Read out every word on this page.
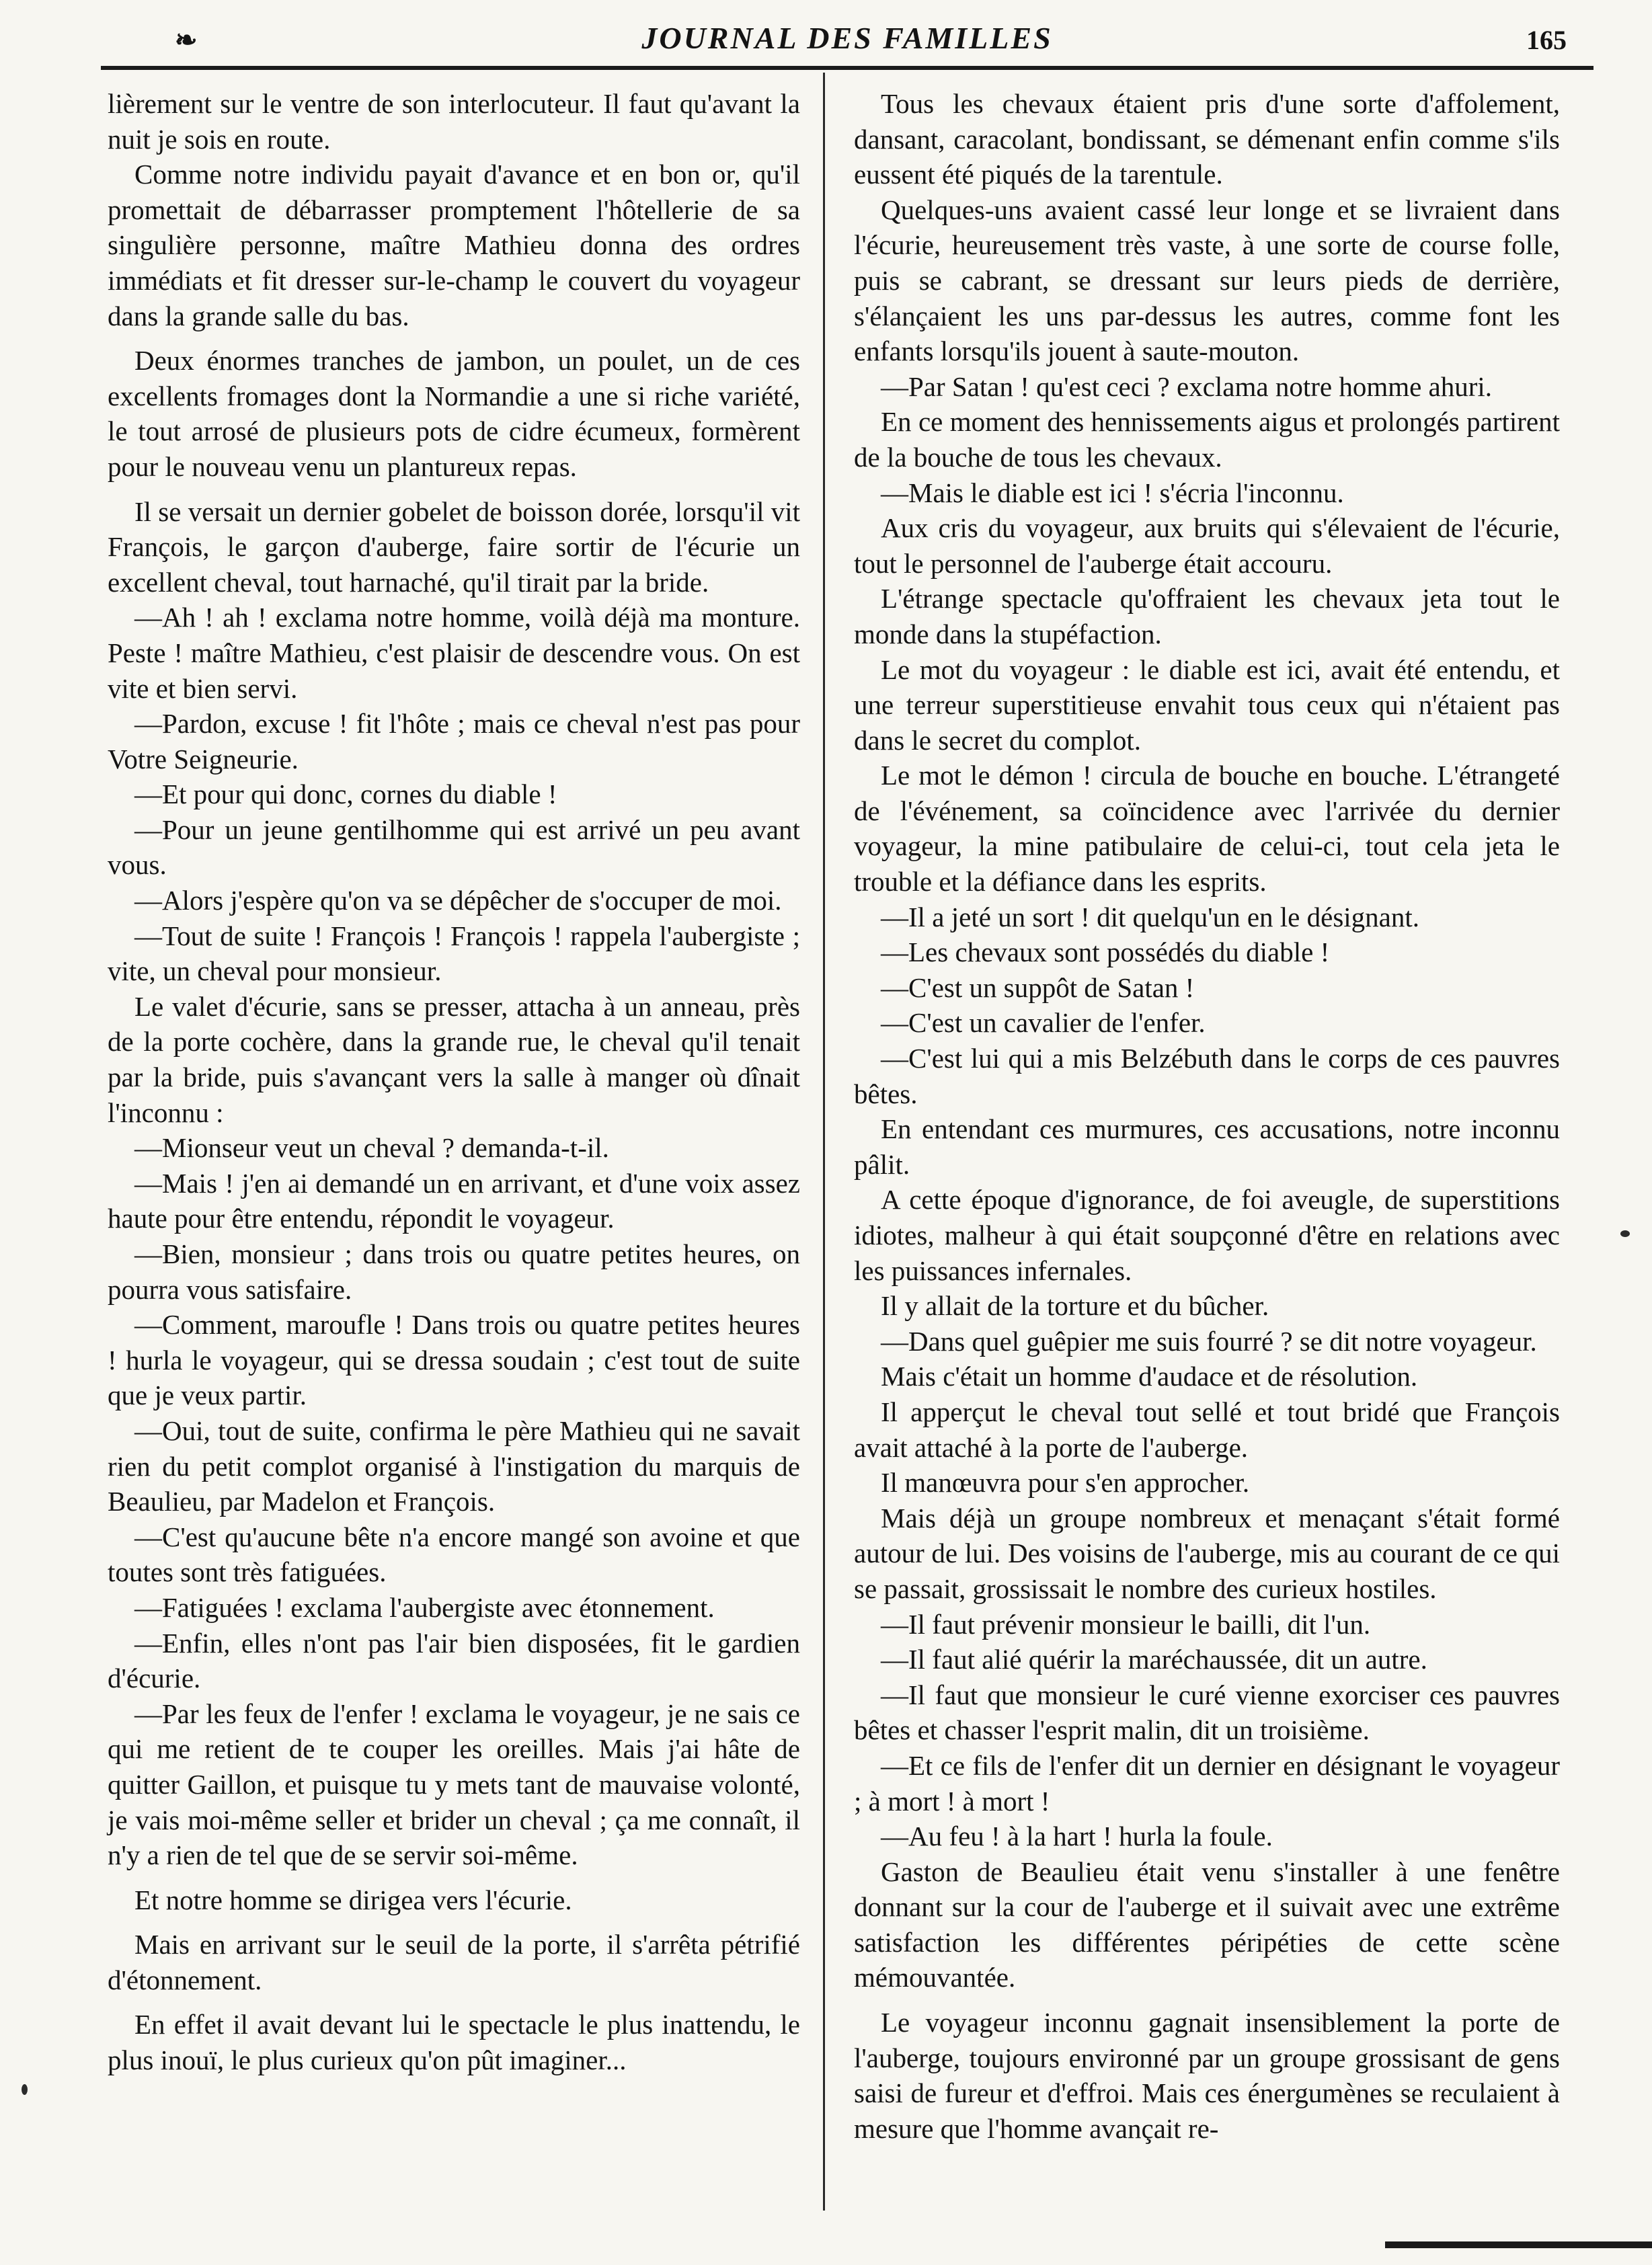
❧	JOURNAL DES FAMILLES	165

lièrement sur le ventre de son interlocuteur. Il faut qu'avant la nuit je sois en route.

Comme notre individu payait d'avance et en bon or, qu'il promettait de débarrasser promptement l'hôtellerie de sa singulière personne, maître Mathieu donna des ordres immédiats et fit dresser sur-le-champ le couvert du voyageur dans la grande salle du bas.

Deux énormes tranches de jambon, un poulet, un de ces excellents fromages dont la Normandie a une si riche variété, le tout arrosé de plusieurs pots de cidre écumeux, formèrent pour le nouveau venu un plantureux repas.

Il se versait un dernier gobelet de boisson dorée, lorsqu'il vit François, le garçon d'auberge, faire sortir de l'écurie un excellent cheval, tout harnaché, qu'il tirait par la bride.

—Ah ! ah ! exclama notre homme, voilà déjà ma monture. Peste ! maître Mathieu, c'est plaisir de descendre vous. On est vite et bien servi.

—Pardon, excuse ! fit l'hôte ; mais ce cheval n'est pas pour Votre Seigneurie.

—Et pour qui donc, cornes du diable !

—Pour un jeune gentilhomme qui est arrivé un peu avant vous.

—Alors j'espère qu'on va se dépêcher de s'occuper de moi.

—Tout de suite ! François ! François ! rappela l'aubergiste ; vite, un cheval pour monsieur.

Le valet d'écurie, sans se presser, attacha à un anneau, près de la porte cochère, dans la grande rue, le cheval qu'il tenait par la bride, puis s'avançant vers la salle à manger où dînait l'inconnu :

—Mionseur veut un cheval ? demanda-t-il.

—Mais ! j'en ai demandé un en arrivant, et d'une voix assez haute pour être entendu, répondit le voyageur.

—Bien, monsieur ; dans trois ou quatre petites heures, on pourra vous satisfaire.

—Comment, maroufle ! Dans trois ou quatre petites heures ! hurla le voyageur, qui se dressa soudain ; c'est tout de suite que je veux partir.

—Oui, tout de suite, confirma le père Mathieu qui ne savait rien du petit complot organisé à l'instigation du marquis de Beaulieu, par Madelon et François.

—C'est qu'aucune bête n'a encore mangé son avoine et que toutes sont très fatiguées.

—Fatiguées ! exclama l'aubergiste avec étonnement.

—Enfin, elles n'ont pas l'air bien disposées, fit le gardien d'écurie.

—Par les feux de l'enfer ! exclama le voyageur, je ne sais ce qui me retient de te couper les oreilles. Mais j'ai hâte de quitter Gaillon, et puisque tu y mets tant de mauvaise volonté, je vais moi-même seller et brider un cheval ; ça me connaît, il n'y a rien de tel que de se servir soi-même.

Et notre homme se dirigea vers l'écurie.

Mais en arrivant sur le seuil de la porte, il s'arrêta pétrifié d'étonnement.

En effet il avait devant lui le spectacle le plus inattendu, le plus inouï, le plus curieux qu'on pût imaginer...

Tous les chevaux étaient pris d'une sorte d'affolement, dansant, caracolant, bondissant, se démenant enfin comme s'ils eussent été piqués de la tarentule.

Quelques-uns avaient cassé leur longe et se livraient dans l'écurie, heureusement très vaste, à une sorte de course folle, puis se cabrant, se dressant sur leurs pieds de derrière, s'élançaient les uns par-dessus les autres, comme font les enfants lorsqu'ils jouent à saute-mouton.

—Par Satan ! qu'est ceci ? exclama notre homme ahuri.

En ce moment des hennissements aigus et prolongés partirent de la bouche de tous les chevaux.

—Mais le diable est ici ! s'écria l'inconnu.

Aux cris du voyageur, aux bruits qui s'élevaient de l'écurie, tout le personnel de l'auberge était accouru.

L'étrange spectacle qu'offraient les chevaux jeta tout le monde dans la stupéfaction.

Le mot du voyageur : le diable est ici, avait été entendu, et une terreur superstitieuse envahit tous ceux qui n'étaient pas dans le secret du complot.

Le mot le démon ! circula de bouche en bouche. L'étrangeté de l'événement, sa coïncidence avec l'arrivée du dernier voyageur, la mine patibulaire de celui-ci, tout cela jeta le trouble et la défiance dans les esprits.

—Il a jeté un sort ! dit quelqu'un en le désignant.

—Les chevaux sont possédés du diable !

—C'est un suppôt de Satan !

—C'est un cavalier de l'enfer.

—C'est lui qui a mis Belzébuth dans le corps de ces pauvres bêtes.

En entendant ces murmures, ces accusations, notre inconnu pâlit.

A cette époque d'ignorance, de foi aveugle, de superstitions idiotes, malheur à qui était soupçonné d'être en relations avec les puissances infernales.

Il y allait de la torture et du bûcher.

—Dans quel guêpier me suis fourré ? se dit notre voyageur.

Mais c'était un homme d'audace et de résolution.

Il apperçut le cheval tout sellé et tout bridé que François avait attaché à la porte de l'auberge.

Il manœuvra pour s'en approcher.

Mais déjà un groupe nombreux et menaçant s'était formé autour de lui. Des voisins de l'auberge, mis au courant de ce qui se passait, grossissait le nombre des curieux hostiles.

—Il faut prévenir monsieur le bailli, dit l'un.

—Il faut alié quérir la maréchaussée, dit un autre.

—Il faut que monsieur le curé vienne exorciser ces pauvres bêtes et chasser l'esprit malin, dit un troisième.

—Et ce fils de l'enfer dit un dernier en désignant le voyageur ; à mort ! à mort !

—Au feu ! à la hart ! hurla la foule.

Gaston de Beaulieu était venu s'installer à une fenêtre donnant sur la cour de l'auberge et il suivait avec une extrême satisfaction les différentes péripéties de cette scène mémouvantée.

Le voyageur inconnu gagnait insensiblement la porte de l'auberge, toujours environné par un groupe grossisant de gens saisi de fureur et d'effroi. Mais ces énergumènes se reculaient à mesure que l'homme avançait re-
